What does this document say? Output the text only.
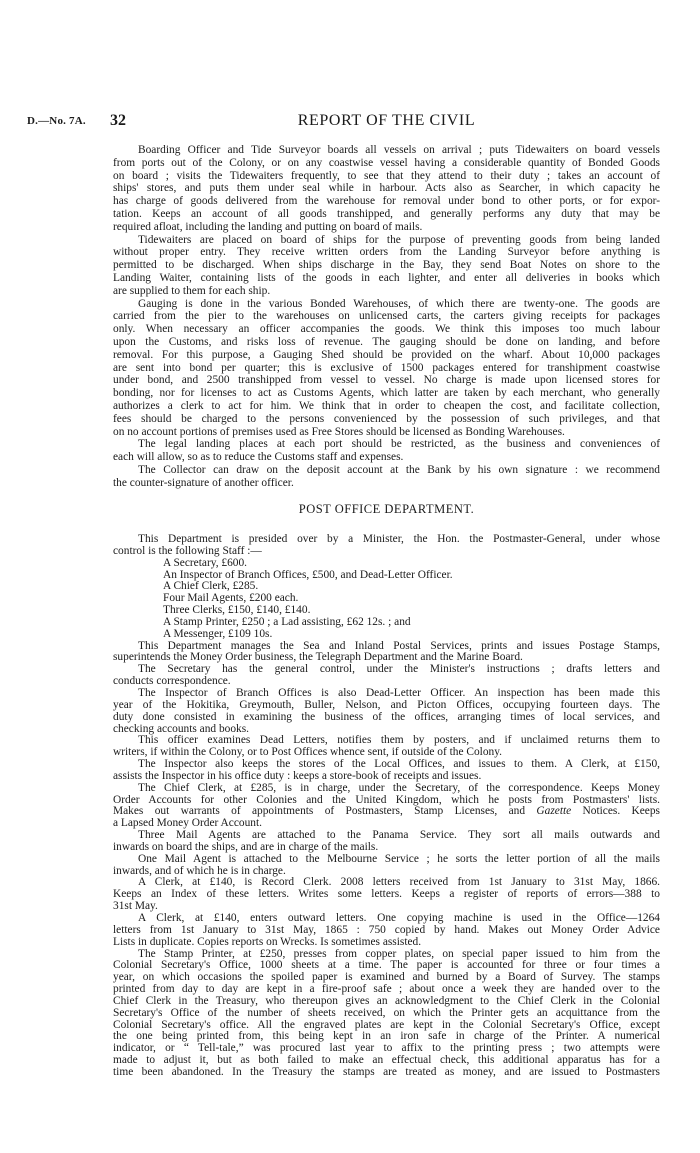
D.—No. 7A. 32	REPORT OF THE CIVIL
Boarding Officer and Tide Surveyor boards all vessels on arrival ; puts Tidewaiters on board vessels
from ports out of the Colony, or on any coastwise vessel having a considerable quantity of Bonded Goods
on board ; visits the Tidewaiters frequently, to see that they attend to their duty ; takes an account of
ships' stores, and puts them under seal while in harbour. Acts also as Searcher, in which capacity he
has charge of goods delivered from the warehouse for removal under bond to other ports, or for expor-
tation. Keeps an account of all goods transhipped, and generally performs any duty that may be
required afloat, including the landing and putting on board of mails.
Tidewaiters are placed on board of ships for the purpose of preventing goods from being landed
without proper entry. They receive written orders from the Landing Surveyor before anything is
permitted to be discharged. When ships discharge in the Bay, they send Boat Notes on shore to the
Landing Waiter, containing lists of the goods in each lighter, and enter all deliveries in books which
are supplied to them for each ship.
Gauging is done in the various Bonded Warehouses, of which there are twenty-one. The goods are
carried from the pier to the warehouses on unlicensed carts, the carters giving receipts for packages
only. When necessary an officer accompanies the goods. We think this imposes too much labour
upon the Customs, and risks loss of revenue. The gauging should be done on landing, and before
removal. For this purpose, a Gauging Shed should be provided on the wharf. About 10,000 packages
are sent into bond per quarter; this is exclusive of 1500 packages entered for transhipment coastwise
under bond, and 2500 transhipped from vessel to vessel. No charge is made upon licensed stores for
bonding, nor for licenses to act as Customs Agents, which latter are taken by each merchant, who generally
authorizes a clerk to act for him. We think that in order to cheapen the cost, and facilitate collection,
fees should be charged to the persons convenienced by the possession of such privileges, and that
on no account portions of premises used as Free Stores should be licensed as Bonding Warehouses.
The legal landing places at each port should be restricted, as the business and conveniences of
each will allow, so as to reduce the Customs staff and expenses.
The Collector can draw on the deposit account at the Bank by his own signature : we recommend
the counter-signature of another officer.
POST OFFICE DEPARTMENT.
This Department is presided over by a Minister, the Hon. the Postmaster-General, under whose
control is the following Staff :—
A Secretary, £600.
An Inspector of Branch Offices, £500, and Dead-Letter Officer.
A Chief Clerk, £285.
Four Mail Agents, £200 each.
Three Clerks, £150, £140, £140.
A Stamp Printer, £250 ; a Lad assisting, £62 12s. ; and
A Messenger, £109 10s.
This Department manages the Sea and Inland Postal Services, prints and issues Postage Stamps,
superintends the Money Order business, the Telegraph Department and the Marine Board.
The Secretary has the general control, under the Minister's instructions ; drafts letters and
conducts correspondence.
The Inspector of Branch Offices is also Dead-Letter Officer. An inspection has been made this
year of the Hokitika, Greymouth, Buller, Nelson, and Picton Offices, occupying fourteen days. The
duty done consisted in examining the business of the offices, arranging times of local services, and
checking accounts and books.
This officer examines Dead Letters, notifies them by posters, and if unclaimed returns them to
writers, if within the Colony, or to Post Offices whence sent, if outside of the Colony.
The Inspector also keeps the stores of the Local Offices, and issues to them. A Clerk, at £150,
assists the Inspector in his office duty : keeps a store-book of receipts and issues.
The Chief Clerk, at £285, is in charge, under the Secretary, of the correspondence. Keeps Money
Order Accounts for other Colonies and the United Kingdom, which he posts from Postmasters' lists.
Makes out warrants of appointments of Postmasters, Stamp Licenses, and Gazette Notices. Keeps
a Lapsed Money Order Account.
Three Mail Agents are attached to the Panama Service. They sort all mails outwards and
inwards on board the ships, and are in charge of the mails.
One Mail Agent is attached to the Melbourne Service ; he sorts the letter portion of all the mails
inwards, and of which he is in charge.
A Clerk, at £140, is Record Clerk. 2008 letters received from 1st January to 31st May, 1866.
Keeps an Index of these letters. Writes some letters. Keeps a register of reports of errors—388 to
31st May.
A Clerk, at £140, enters outward letters. One copying machine is used in the Office—1264
letters from 1st January to 31st May, 1865 : 750 copied by hand. Makes out Money Order Advice
Lists in duplicate. Copies reports on Wrecks. Is sometimes assisted.
The Stamp Printer, at £250, presses from copper plates, on special paper issued to him from the
Colonial Secretary's Office, 1000 sheets at a time. The paper is accounted for three or four times a
year, on which occasions the spoiled paper is examined and burned by a Board of Survey. The stamps
printed from day to day are kept in a fire-proof safe ; about once a week they are handed over to the
Chief Clerk in the Treasury, who thereupon gives an acknowledgment to the Chief Clerk in the Colonial
Secretary's Office of the number of sheets received, on which the Printer gets an acquittance from the
Colonial Secretary's office. All the engraved plates are kept in the Colonial Secretary's Office, except
the one being printed from, this being kept in an iron safe in charge of the Printer. A numerical
indicator, or “ Tell-tale,” was procured last year to affix to the printing press ; two attempts were
made to adjust it, but as both failed to make an effectual check, this additional apparatus has for a
time been abandoned. In the Treasury the stamps are treated as money, and are issued to Postmasters
